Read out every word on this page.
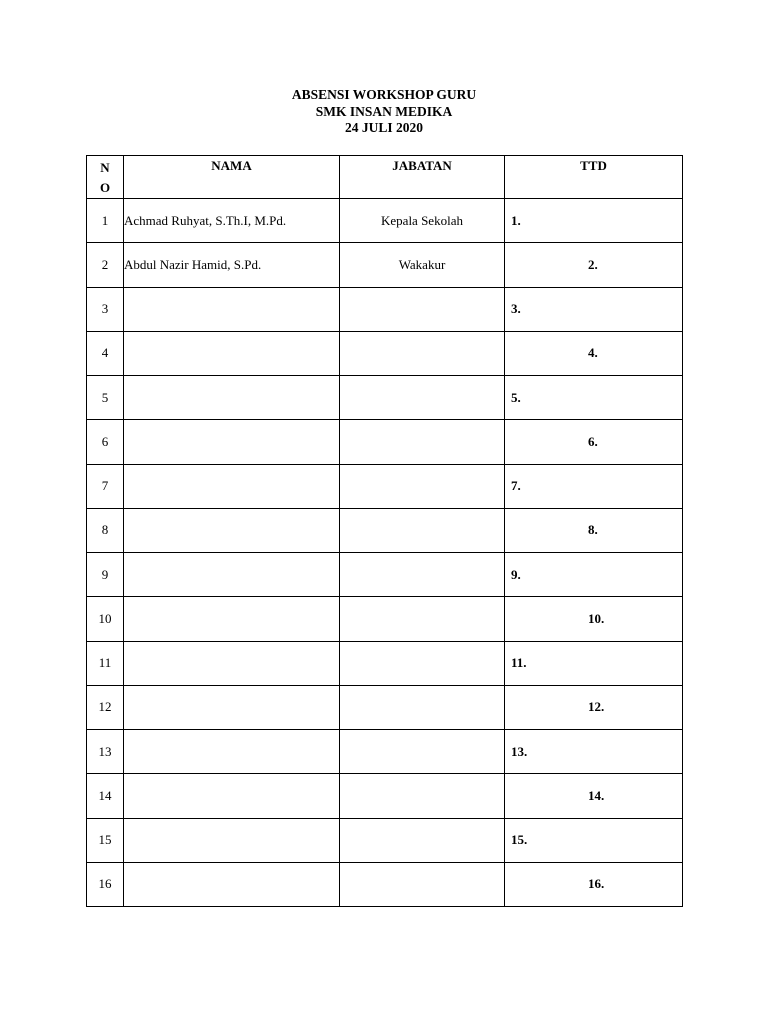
ABSENSI WORKSHOP GURU
SMK INSAN MEDIKA
24 JULI 2020
N
O	NAMA	JABATAN	TTD
1	Achmad Ruhyat, S.Th.I, M.Pd.	Kepala Sekolah	1.
2	Abdul Nazir Hamid, S.Pd.	Wakakur	2.
3			3.
4			4.
5			5.
6			6.
7			7.
8			8.
9			9.
10			10.
11			11.
12			12.
13			13.
14			14.
15			15.
16			16.
